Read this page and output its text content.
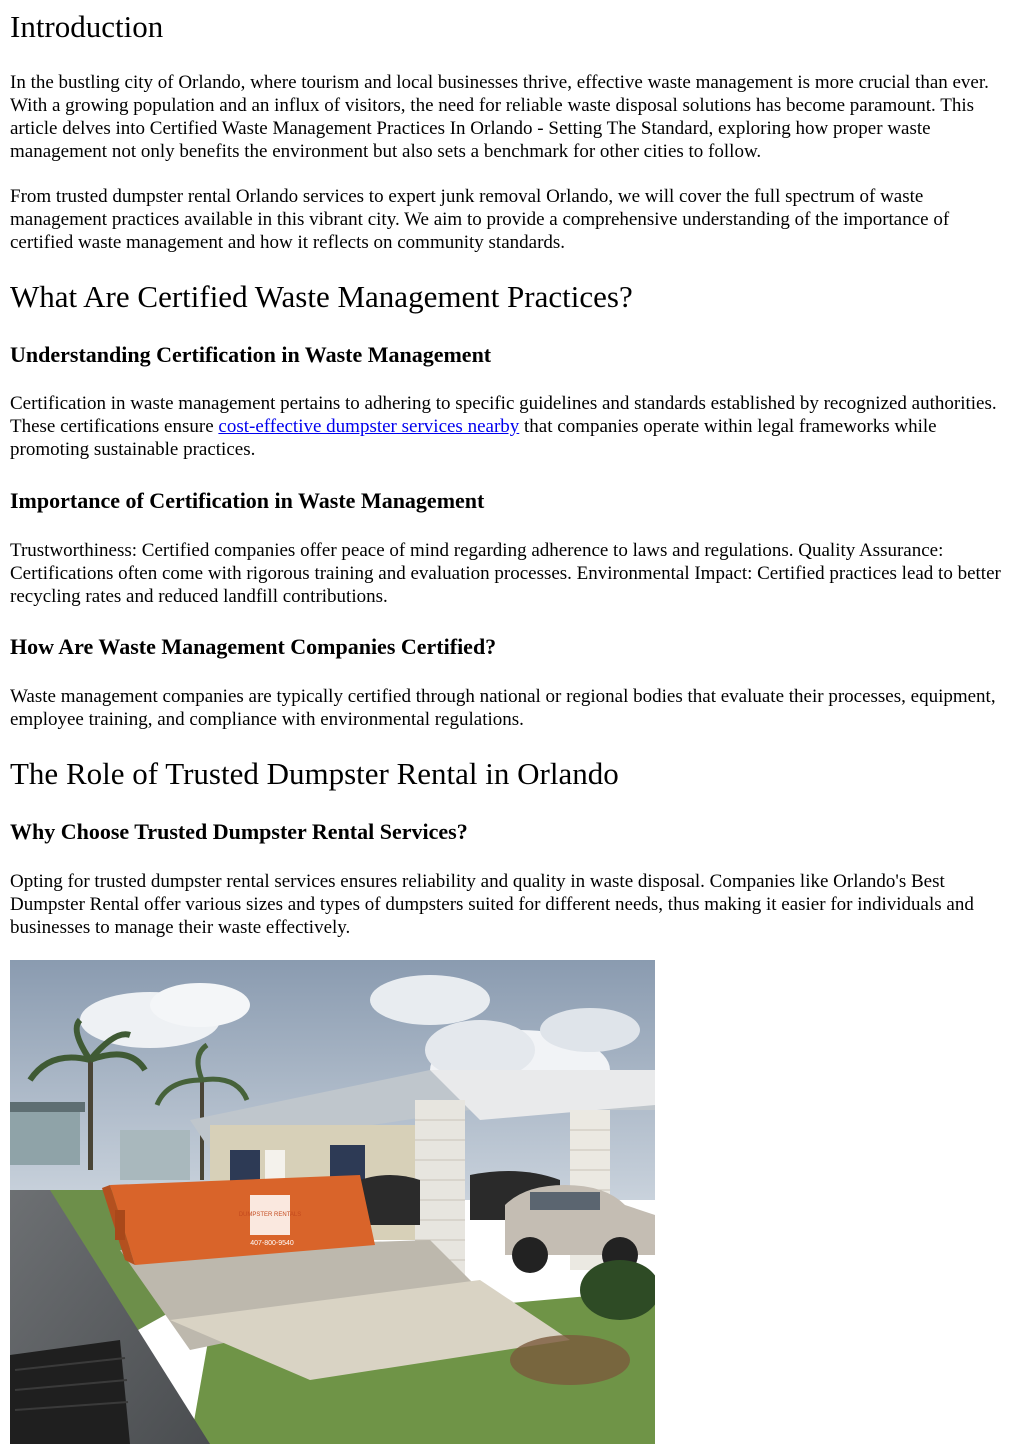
Introduction

In the bustling city of Orlando, where tourism and local businesses thrive, effective waste management is more crucial than ever. With a growing population and an influx of visitors, the need for reliable waste disposal solutions has become paramount. This article delves into Certified Waste Management Practices In Orlando - Setting The Standard, exploring how proper waste management not only benefits the environment but also sets a benchmark for other cities to follow.

From trusted dumpster rental Orlando services to expert junk removal Orlando, we will cover the full spectrum of waste management practices available in this vibrant city. We aim to provide a comprehensive understanding of the importance of certified waste management and how it reflects on community standards.

What Are Certified Waste Management Practices?
Understanding Certification in Waste Management

Certification in waste management pertains to adhering to specific guidelines and standards established by recognized authorities. These certifications ensure cost-effective dumpster services nearby that companies operate within legal frameworks while promoting sustainable practices.

Importance of Certification in Waste Management

Trustworthiness: Certified companies offer peace of mind regarding adherence to laws and regulations. Quality Assurance: Certifications often come with rigorous training and evaluation processes. Environmental Impact: Certified practices lead to better recycling rates and reduced landfill contributions.

How Are Waste Management Companies Certified?

Waste management companies are typically certified through national or regional bodies that evaluate their processes, equipment, employee training, and compliance with environmental regulations.

The Role of Trusted Dumpster Rental in Orlando
Why Choose Trusted Dumpster Rental Services?

Opting for trusted dumpster rental services ensures reliability and quality in waste disposal. Companies like Orlando's Best Dumpster Rental offer various sizes and types of dumpsters suited for different needs, thus making it easier for individuals and businesses to manage their waste effectively.

DUMPSTER RENTALS
407-800-9540
